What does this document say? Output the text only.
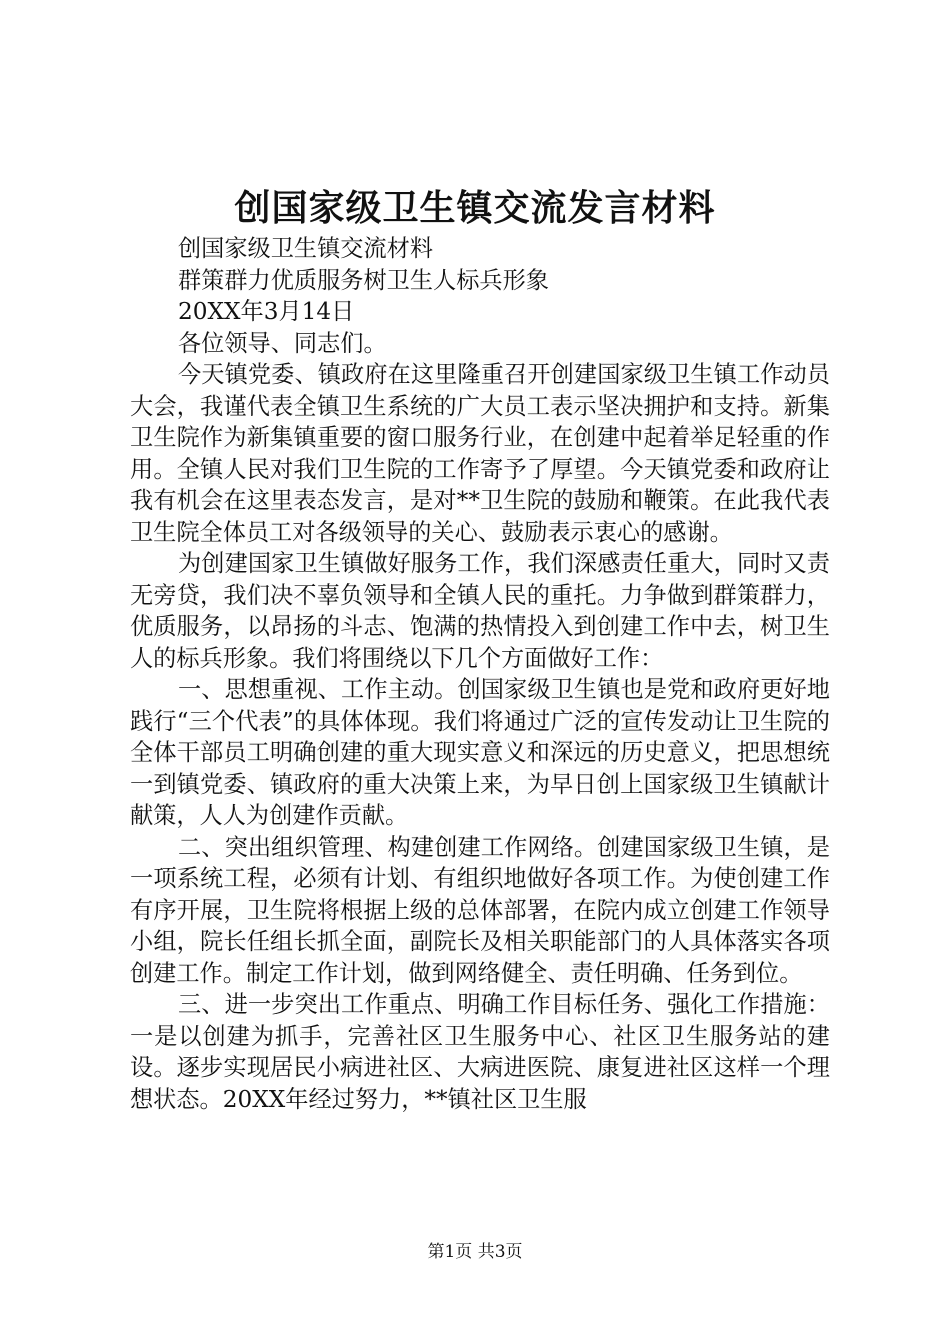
创国家级卫生镇交流发言材料

创国家级卫生镇交流材料

群策群力优质服务树卫生人标兵形象

20XX年3月14日

各位领导、同志们。

今天镇党委、镇政府在这里隆重召开创建国家级卫生镇工作动员大会，我谨代表全镇卫生系统的广大员工表示坚决拥护和支持。新集卫生院作为新集镇重要的窗口服务行业，在创建中起着举足轻重的作用。全镇人民对我们卫生院的工作寄予了厚望。今天镇党委和政府让我有机会在这里表态发言，是对**卫生院的鼓励和鞭策。在此我代表卫生院全体员工对各级领导的关心、鼓励表示衷心的感谢。

为创建国家卫生镇做好服务工作，我们深感责任重大，同时又责无旁贷，我们决不辜负领导和全镇人民的重托。力争做到群策群力，优质服务，以昂扬的斗志、饱满的热情投入到创建工作中去，树卫生人的标兵形象。我们将围绕以下几个方面做好工作：

一、思想重视、工作主动。创国家级卫生镇也是党和政府更好地践行“三个代表”的具体体现。我们将通过广泛的宣传发动让卫生院的全体干部员工明确创建的重大现实意义和深远的历史意义，把思想统一到镇党委、镇政府的重大决策上来，为早日创上国家级卫生镇献计献策，人人为创建作贡献。

二、突出组织管理、构建创建工作网络。创建国家级卫生镇，是一项系统工程，必须有计划、有组织地做好各项工作。为使创建工作有序开展，卫生院将根据上级的总体部署，在院内成立创建工作领导小组，院长任组长抓全面，副院长及相关职能部门的人具体落实各项创建工作。制定工作计划，做到网络健全、责任明确、任务到位。

三、进一步突出工作重点、明确工作目标任务、强化工作措施：一是以创建为抓手，完善社区卫生服务中心、社区卫生服务站的建设。逐步实现居民小病进社区、大病进医院、康复进社区这样一个理想状态。20XX年经过努力，**镇社区卫生服

第1页 共3页
